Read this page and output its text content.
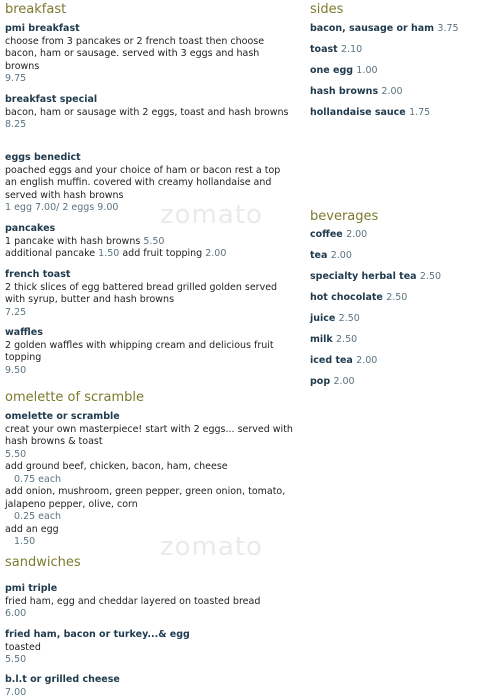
zomato
zomato
breakfast
pmi breakfast
choose from 3 pancakes or 2 french toast then choose bacon, ham or sausage. served with 3 eggs and hash browns
9.75
breakfast special
bacon, ham or sausage with 2 eggs, toast and hash browns
8.25
eggs benedict
poached eggs and your choice of ham or bacon rest a top an english muffin. covered with creamy hollandaise and served with hash browns
1 egg 7.00/ 2 eggs 9.00
pancakes
1 pancake with hash browns 5.50
additional pancake 1.50 add fruit topping 2.00
french toast
2 thick slices of egg battered bread grilled golden served with syrup, butter and hash browns
7.25
waffles
2 golden waffles with whipping cream and delicious fruit topping
9.50
omelette of scramble
omelette or scramble
creat your own masterpiece! start with 2 eggs... served with hash browns & toast
5.50
add ground beef, chicken, bacon, ham, cheese
0.75 each
add onion, mushroom, green pepper, green onion, tomato, jalapeno pepper, olive, corn
0.25 each
add an egg
1.50
sandwiches
pmi triple
fried ham, egg and cheddar layered on toasted bread
6.00
fried ham, bacon or turkey...& egg
toasted
5.50
b.l.t or grilled cheese
7.00
sides
bacon, sausage or ham 3.75
toast 2.10
one egg 1.00
hash browns 2.00
hollandaise sauce 1.75
beverages
coffee 2.00
tea 2.00
specialty herbal tea 2.50
hot chocolate 2.50
juice 2.50
milk 2.50
iced tea 2.00
pop 2.00
